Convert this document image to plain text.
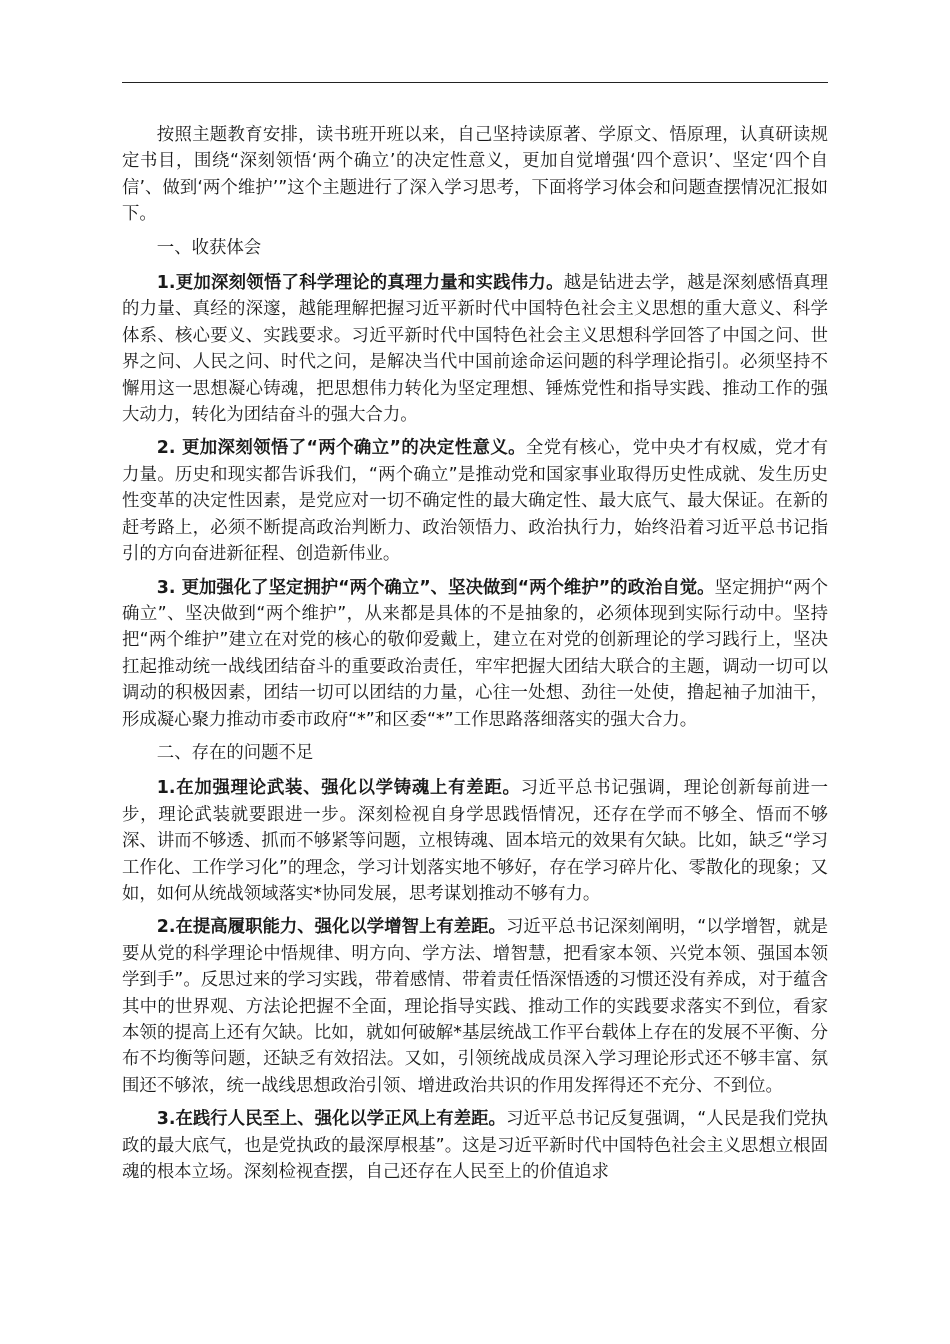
按照主题教育安排，读书班开班以来，自己坚持读原著、学原文、悟原理，认真研读规定书目，围绕“深刻领悟‘两个确立’的决定性意义，更加自觉增强‘四个意识’、坚定‘四个自信’、做到‘两个维护’”这个主题进行了深入学习思考，下面将学习体会和问题查摆情况汇报如下。

一、收获体会

1.更加深刻领悟了科学理论的真理力量和实践伟力。越是钻进去学，越是深刻感悟真理的力量、真经的深邃，越能理解把握习近平新时代中国特色社会主义思想的重大意义、科学体系、核心要义、实践要求。习近平新时代中国特色社会主义思想科学回答了中国之问、世界之问、人民之问、时代之问，是解决当代中国前途命运问题的科学理论指引。必须坚持不懈用这一思想凝心铸魂，把思想伟力转化为坚定理想、锤炼党性和指导实践、推动工作的强大动力，转化为团结奋斗的强大合力。

2. 更加深刻领悟了“两个确立”的决定性意义。全党有核心，党中央才有权威，党才有力量。历史和现实都告诉我们，“两个确立”是推动党和国家事业取得历史性成就、发生历史性变革的决定性因素，是党应对一切不确定性的最大确定性、最大底气、最大保证。在新的赶考路上，必须不断提高政治判断力、政治领悟力、政治执行力，始终沿着习近平总书记指引的方向奋进新征程、创造新伟业。

3. 更加强化了坚定拥护“两个确立”、坚决做到“两个维护”的政治自觉。坚定拥护“两个确立”、坚决做到“两个维护”，从来都是具体的不是抽象的，必须体现到实际行动中。坚持把“两个维护”建立在对党的核心的敬仰爱戴上，建立在对党的创新理论的学习践行上，坚决扛起推动统一战线团结奋斗的重要政治责任，牢牢把握大团结大联合的主题，调动一切可以调动的积极因素，团结一切可以团结的力量，心往一处想、劲往一处使，撸起袖子加油干，形成凝心聚力推动市委市政府“*”和区委“*”工作思路落细落实的强大合力。

二、存在的问题不足

1.在加强理论武装、强化以学铸魂上有差距。习近平总书记强调，理论创新每前进一步，理论武装就要跟进一步。深刻检视自身学思践悟情况，还存在学而不够全、悟而不够深、讲而不够透、抓而不够紧等问题，立根铸魂、固本培元的效果有欠缺。比如，缺乏“学习工作化、工作学习化”的理念，学习计划落实地不够好，存在学习碎片化、零散化的现象；又如，如何从统战领域落实*协同发展，思考谋划推动不够有力。

2.在提高履职能力、强化以学增智上有差距。习近平总书记深刻阐明，“以学增智，就是要从党的科学理论中悟规律、明方向、学方法、增智慧，把看家本领、兴党本领、强国本领学到手”。反思过来的学习实践，带着感情、带着责任悟深悟透的习惯还没有养成，对于蕴含其中的世界观、方法论把握不全面，理论指导实践、推动工作的实践要求落实不到位，看家本领的提高上还有欠缺。比如，就如何破解*基层统战工作平台载体上存在的发展不平衡、分布不均衡等问题，还缺乏有效招法。又如，引领统战成员深入学习理论形式还不够丰富、氛围还不够浓，统一战线思想政治引领、增进政治共识的作用发挥得还不充分、不到位。

3.在践行人民至上、强化以学正风上有差距。习近平总书记反复强调，“人民是我们党执政的最大底气，也是党执政的最深厚根基”。这是习近平新时代中国特色社会主义思想立根固魂的根本立场。深刻检视查摆，自己还存在人民至上的价值追求
